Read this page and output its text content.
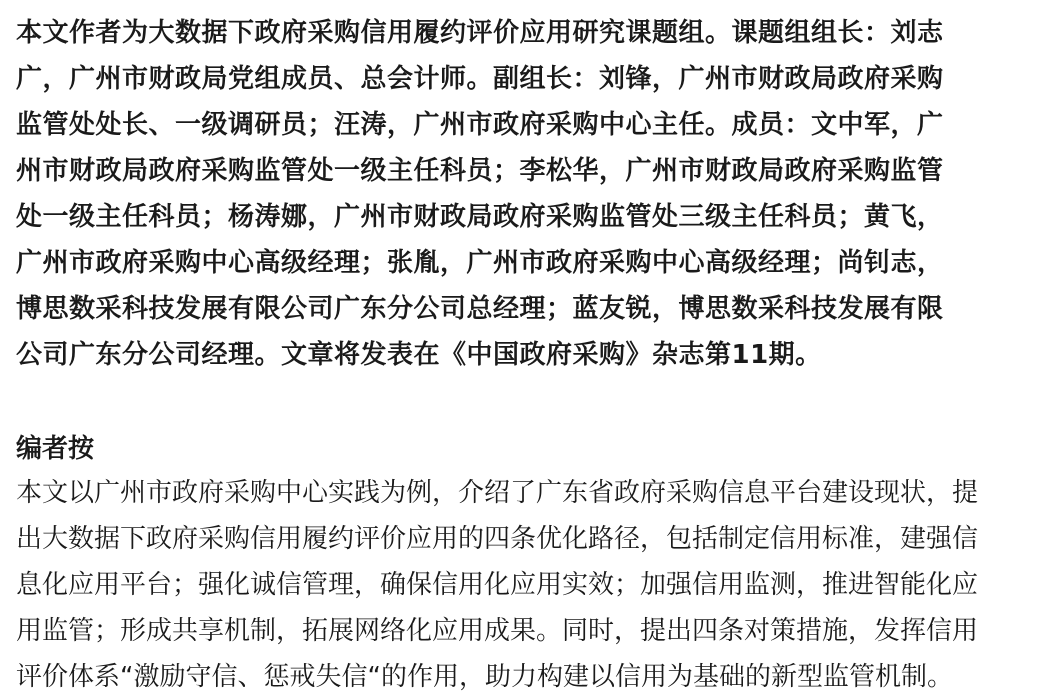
本文作者为大数据下政府采购信用履约评价应用研究课题组。课题组组长：刘志
广，广州市财政局党组成员、总会计师。副组长：刘锋，广州市财政局政府采购
监管处处长、一级调研员；汪涛，广州市政府采购中心主任。成员：文中军，广
州市财政局政府采购监管处一级主任科员；李松华，广州市财政局政府采购监管
处一级主任科员；杨涛娜，广州市财政局政府采购监管处三级主任科员；黄飞，
广州市政府采购中心高级经理；张胤，广州市政府采购中心高级经理；尚钊志，
博思数采科技发展有限公司广东分公司总经理；蓝友锐，博思数采科技发展有限
公司广东分公司经理。文章将发表在《中国政府采购》杂志第11期。

编者按

本文以广州市政府采购中心实践为例，介绍了广东省政府采购信息平台建设现状，提
出大数据下政府采购信用履约评价应用的四条优化路径，包括制定信用标准，建强信
息化应用平台；强化诚信管理，确保信用化应用实效；加强信用监测，推进智能化应
用监管；形成共享机制，拓展网络化应用成果。同时，提出四条对策措施，发挥信用
评价体系“激励守信、惩戒失信“的作用，助力构建以信用为基础的新型监管机制。
